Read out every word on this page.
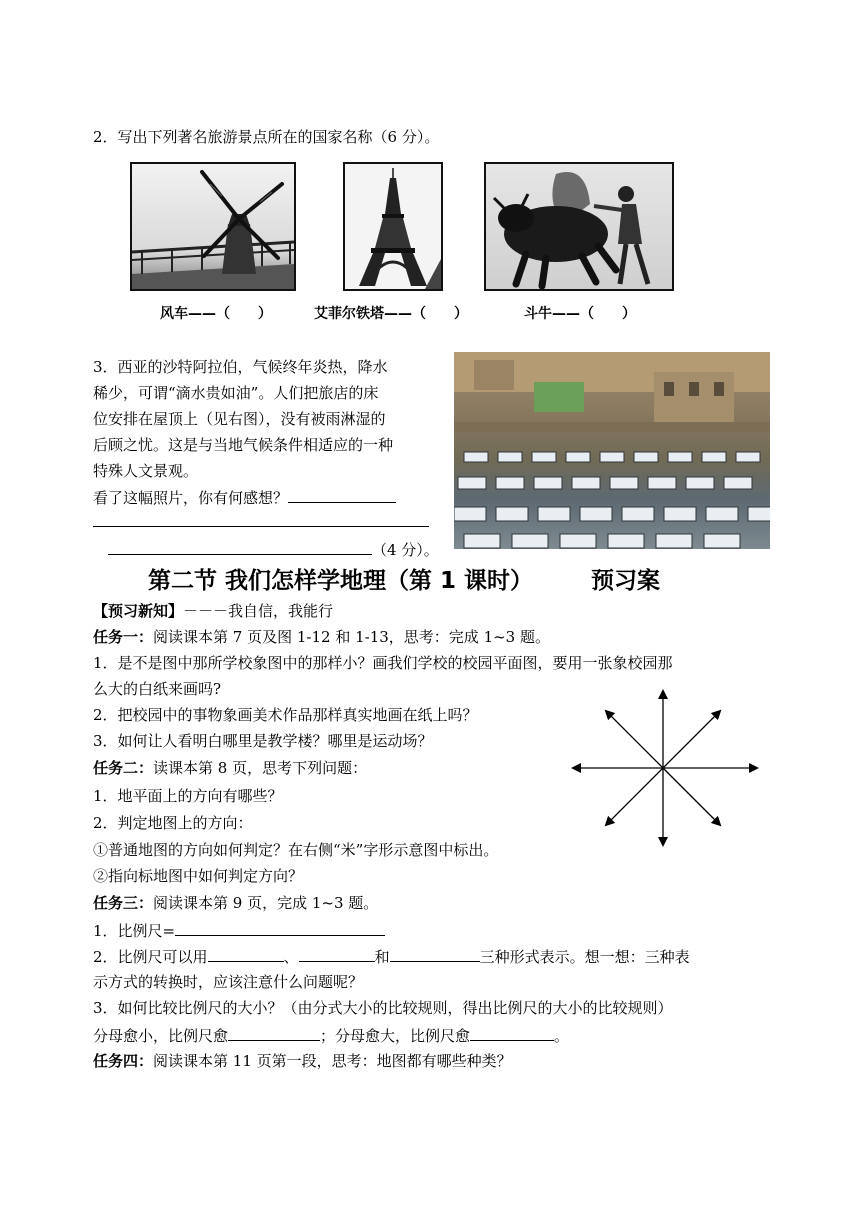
2．写出下列著名旅游景点所在的国家名称（6 分）。
风车——（　　）	艾菲尔铁塔——（　　）	斗牛——（　　）
3．西亚的沙特阿拉伯，气候终年炎热，降水
稀少，可谓“滴水贵如油”。人们把旅店的床
位安排在屋顶上（见右图），没有被雨淋湿的
后顾之忧。这是与当地气候条件相适应的一种
特殊人文景观。
看了这幅照片，你有何感想？
（4 分）。
第二节 我们怎样学地理（第 1 课时）	预习案
【预习新知】－－－我自信，我能行
任务一：阅读课本第 7 页及图 1-12 和 1-13，思考：完成 1~3 题。
1．是不是图中那所学校象图中的那样小？画我们学校的校园平面图，要用一张象校园那
么大的白纸来画吗?
2．把校园中的事物象画美术作品那样真实地画在纸上吗？
3．如何让人看明白哪里是教学楼？哪里是运动场？
任务二：读课本第 8 页，思考下列问题：
1．地平面上的方向有哪些？
2．判定地图上的方向：
①普通地图的方向如何判定？在右侧“米”字形示意图中标出。
②指向标地图中如何判定方向？
任务三：阅读课本第 9 页，完成 1~3 题。
1．比例尺=
2．比例尺可以用	、	和	三种形式表示。想一想：三种表
示方式的转换时，应该注意什么问题呢？
3．如何比较比例尺的大小？（由分式大小的比较规则，得出比例尺的大小的比较规则）
分母愈小，比例尺愈	；分母愈大，比例尺愈	。
任务四：阅读课本第 11 页第一段，思考：地图都有哪些种类？
